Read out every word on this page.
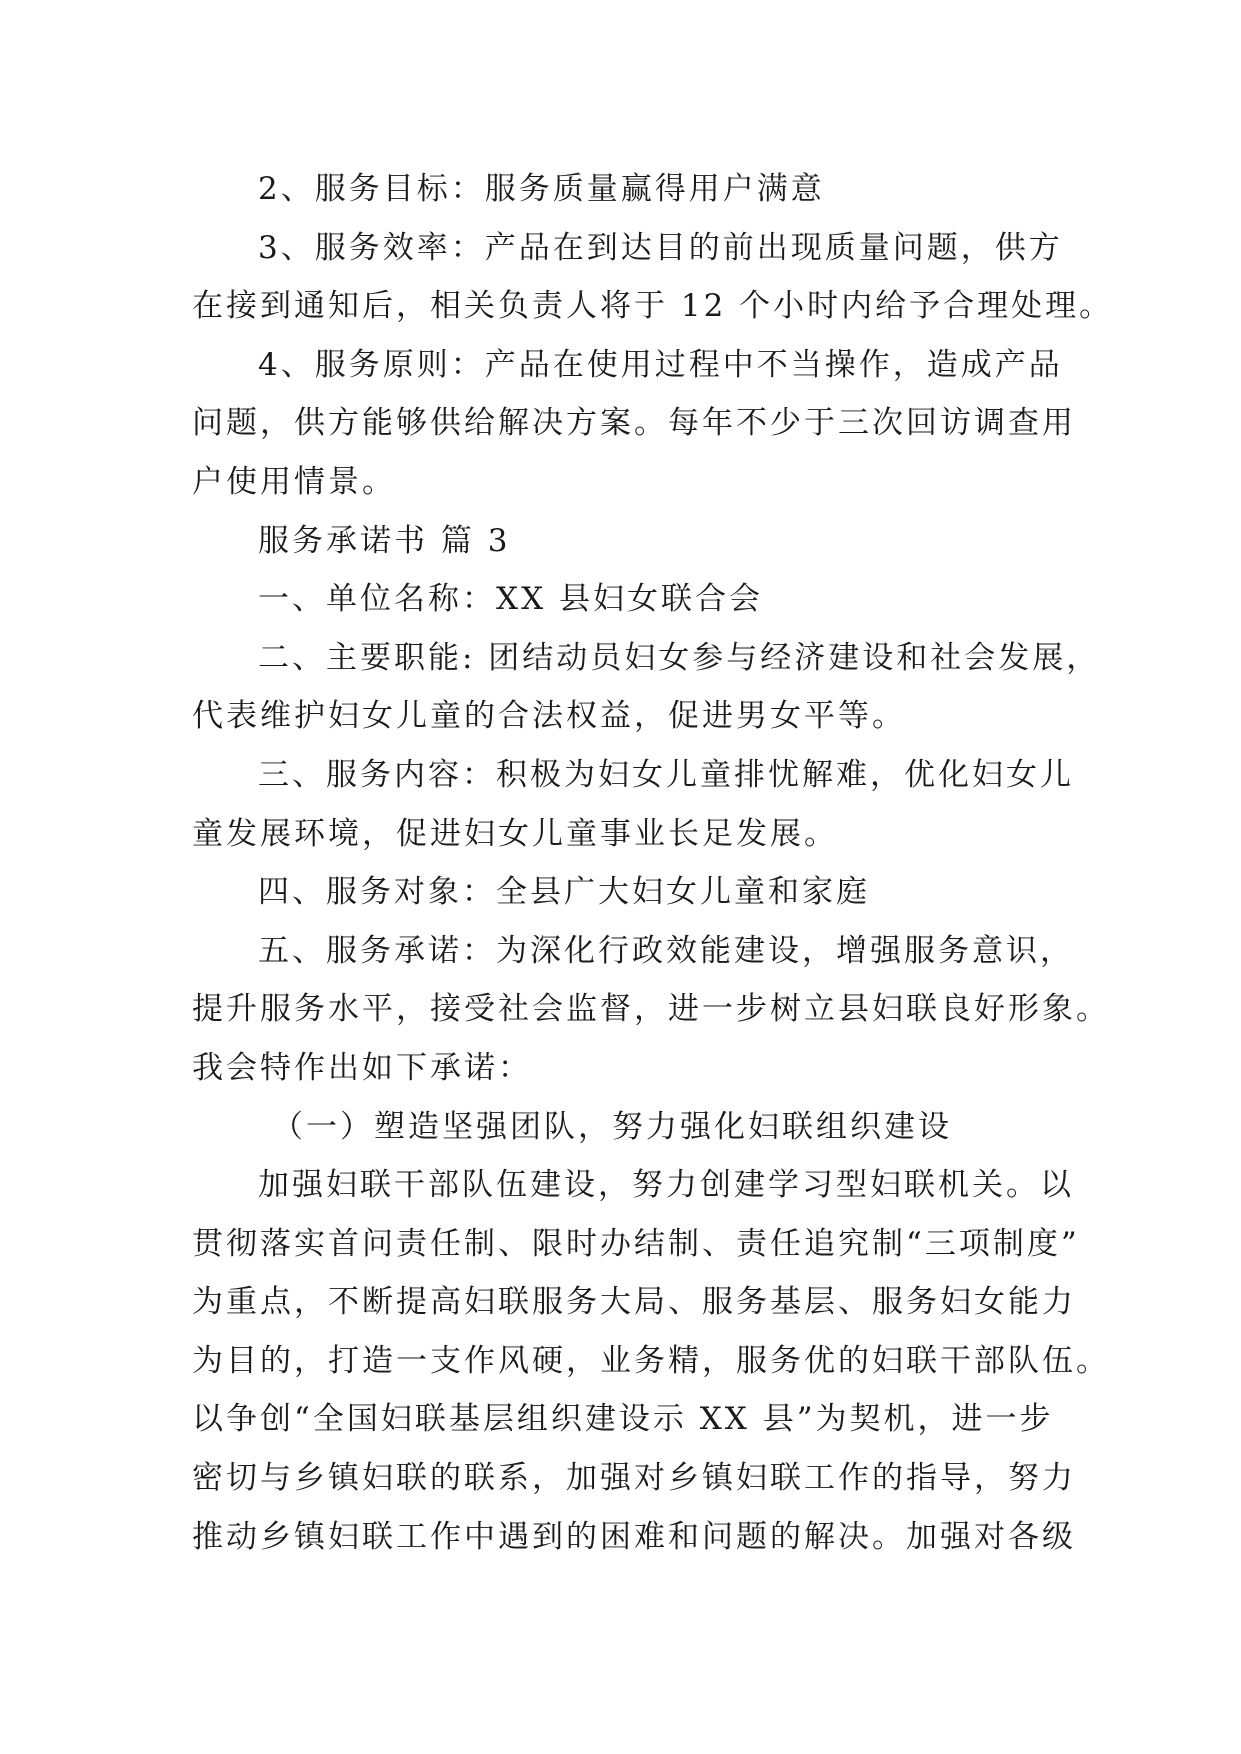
2、服务目标：服务质量赢得用户满意
3、服务效率：产品在到达目的前出现质量问题，供方
在接到通知后，相关负责人将于 12 个小时内给予合理处理。
4、服务原则：产品在使用过程中不当操作，造成产品
问题，供方能够供给解决方案。每年不少于三次回访调查用
户使用情景。
服务承诺书 篇 3
一、单位名称：XX 县妇女联合会
二、主要职能: 团结动员妇女参与经济建设和社会发展，
代表维护妇女儿童的合法权益，促进男女平等。
三、服务内容：积极为妇女儿童排忧解难，优化妇女儿
童发展环境，促进妇女儿童事业长足发展。
四、服务对象：全县广大妇女儿童和家庭
五、服务承诺：为深化行政效能建设，增强服务意识，
提升服务水平，接受社会监督，进一步树立县妇联良好形象。
我会特作出如下承诺：
（一）塑造坚强团队，努力强化妇联组织建设
加强妇联干部队伍建设，努力创建学习型妇联机关。以
贯彻落实首问责任制、限时办结制、责任追究制“三项制度”
为重点，不断提高妇联服务大局、服务基层、服务妇女能力
为目的，打造一支作风硬，业务精，服务优的妇联干部队伍。
以争创“全国妇联基层组织建设示 XX 县”为契机，进一步
密切与乡镇妇联的联系，加强对乡镇妇联工作的指导，努力
推动乡镇妇联工作中遇到的困难和问题的解决。加强对各级
